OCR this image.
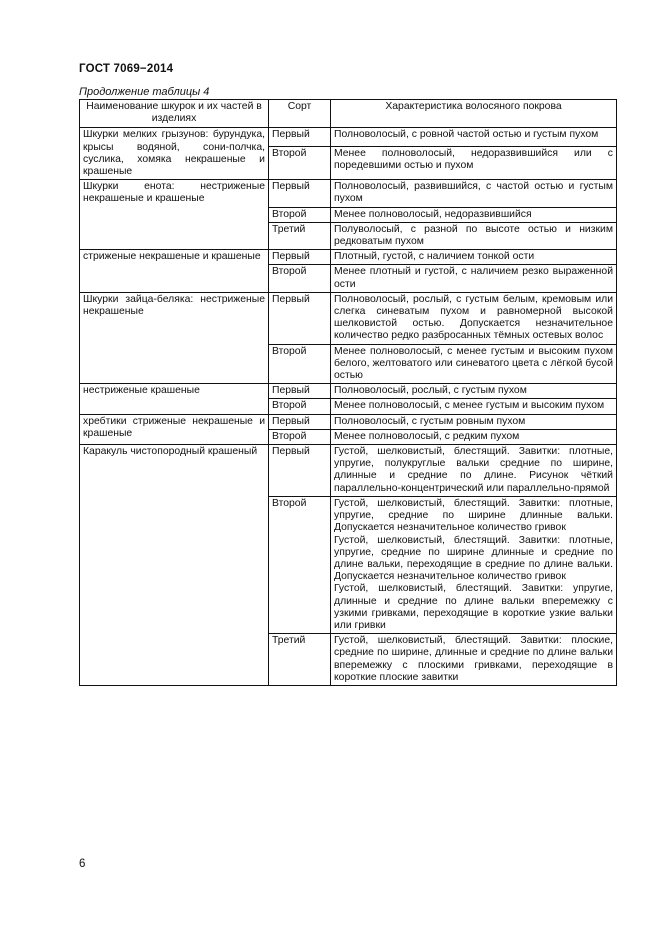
ГОСТ 7069−2014
Продолжение таблицы 4
Наименование шкурок и их частей в изделиях	Сорт	Характеристика волосяного покрова
Шкурки мелких грызунов: бурундука, крысы водяной, сони-полчка, суслика, хомяка некрашеные и крашеные	Первый	Полноволосый, с ровной частой остью и густым пухом
	Второй	Менее полноволосый, недоразвившийся или с поредевшими остью и пухом
Шкурки енота: нестриженые некрашеные и крашеные	Первый	Полноволосый, развившийся, с частой остью и густым пухом
	Второй	Менее полноволосый, недоразвившийся
	Третий	Полуволосый, с разной по высоте остью и низким редковатым пухом
стриженые некрашеные и крашеные	Первый	Плотный, густой, с наличием тонкой ости
	Второй	Менее плотный и густой, с наличием резко выраженной ости
Шкурки зайца-беляка: нестриженые некрашеные	Первый	Полноволосый, рослый, с густым белым, кремовым или слегка синеватым пухом и равномерной высокой шелковистой остью. Допускается незначительное количество редко разбросанных тёмных остевых волос
	Второй	Менее полноволосый, с менее густым и высоким пухом белого, желтоватого или синеватого цвета с лёгкой бусой остью
нестриженые крашеные	Первый	Полноволосый, рослый, с густым пухом
	Второй	Менее полноволосый, с менее густым и высоким пухом
хребтики стриженые некрашеные и крашеные	Первый	Полноволосый, с густым ровным пухом
	Второй	Менее полноволосый, с редким пухом
Каракуль чистопородный крашеный	Первый	Густой, шелковистый, блестящий. Завитки: плотные, упругие, полукруглые вальки средние по ширине, длинные и средние по длине. Рисунок чёткий параллельно-концентрический или параллельно-прямой
	Второй	Густой, шелковистый, блестящий. Завитки: плотные, упругие, средние по ширине длинные вальки. Допускается незначительное количество гривок
Густой, шелковистый, блестящий. Завитки: плотные, упругие, средние по ширине длинные и средние по длине вальки, переходящие в средние по длине вальки. Допускается незначительное количество гривок
Густой, шелковистый, блестящий. Завитки: упругие, длинные и средние по длине вальки вперемежку с узкими гривками, переходящие в короткие узкие вальки или гривки

	Третий	Густой, шелковистый, блестящий. Завитки: плоские, средние по ширине, длинные и средние по длине вальки вперемежку с плоскими гривками, переходящие в короткие плоские завитки
6
